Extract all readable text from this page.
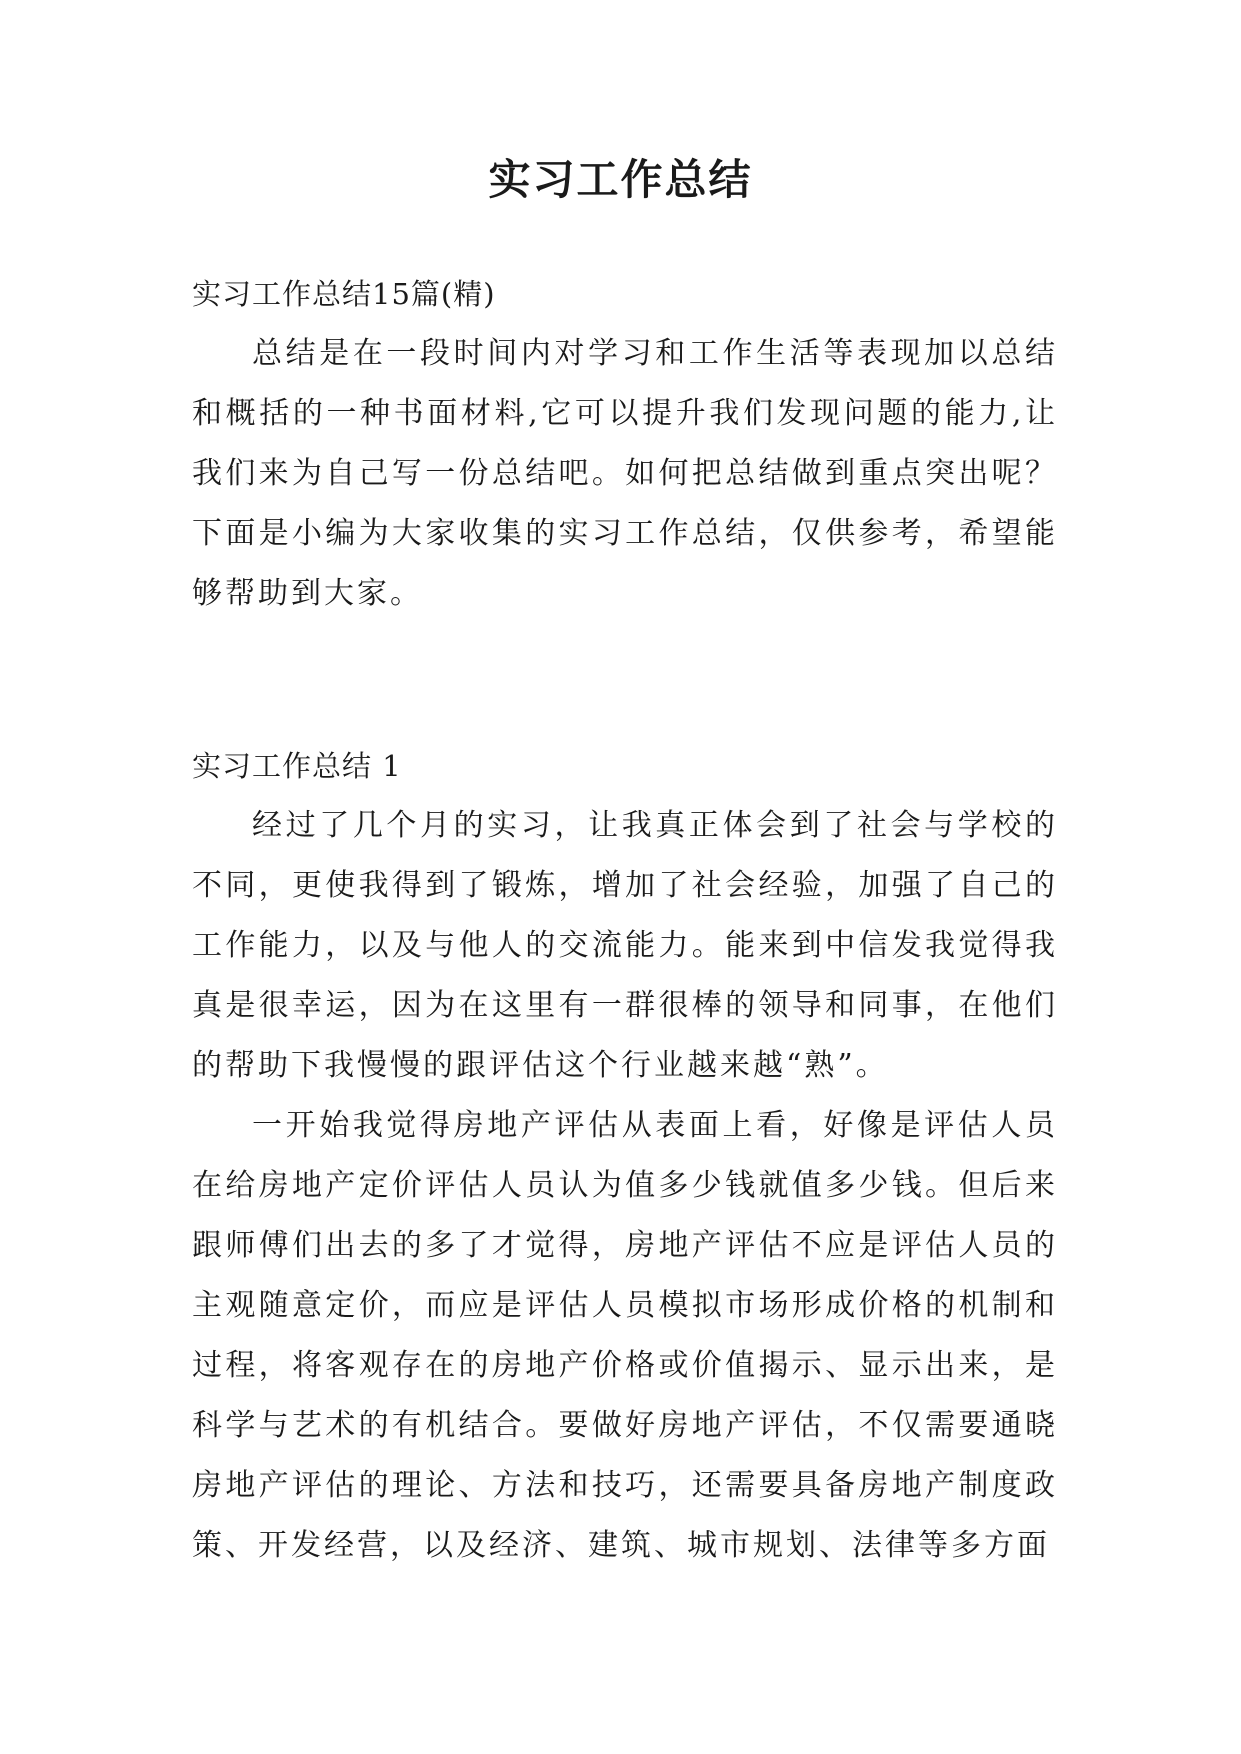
实习工作总结

实习工作总结15篇(精)

总结是在一段时间内对学习和工作生活等表现加以总结和概括的一种书面材料,它可以提升我们发现问题的能力,让我们来为自己写一份总结吧。如何把总结做到重点突出呢？下面是小编为大家收集的实习工作总结，仅供参考，希望能够帮助到大家。

实习工作总结 1

经过了几个月的实习，让我真正体会到了社会与学校的不同，更使我得到了锻炼，增加了社会经验，加强了自己的工作能力，以及与他人的交流能力。能来到中信发我觉得我真是很幸运，因为在这里有一群很棒的领导和同事，在他们的帮助下我慢慢的跟评估这个行业越来越“熟”。

一开始我觉得房地产评估从表面上看，好像是评估人员在给房地产定价评估人员认为值多少钱就值多少钱。但后来跟师傅们出去的多了才觉得，房地产评估不应是评估人员的主观随意定价，而应是评估人员模拟市场形成价格的机制和过程，将客观存在的房地产价格或价值揭示、显示出来，是科学与艺术的有机结合。要做好房地产评估，不仅需要通晓房地产评估的理论、方法和技巧，还需要具备房地产制度政策、开发经营，以及经济、建筑、城市规划、法律等多方面
